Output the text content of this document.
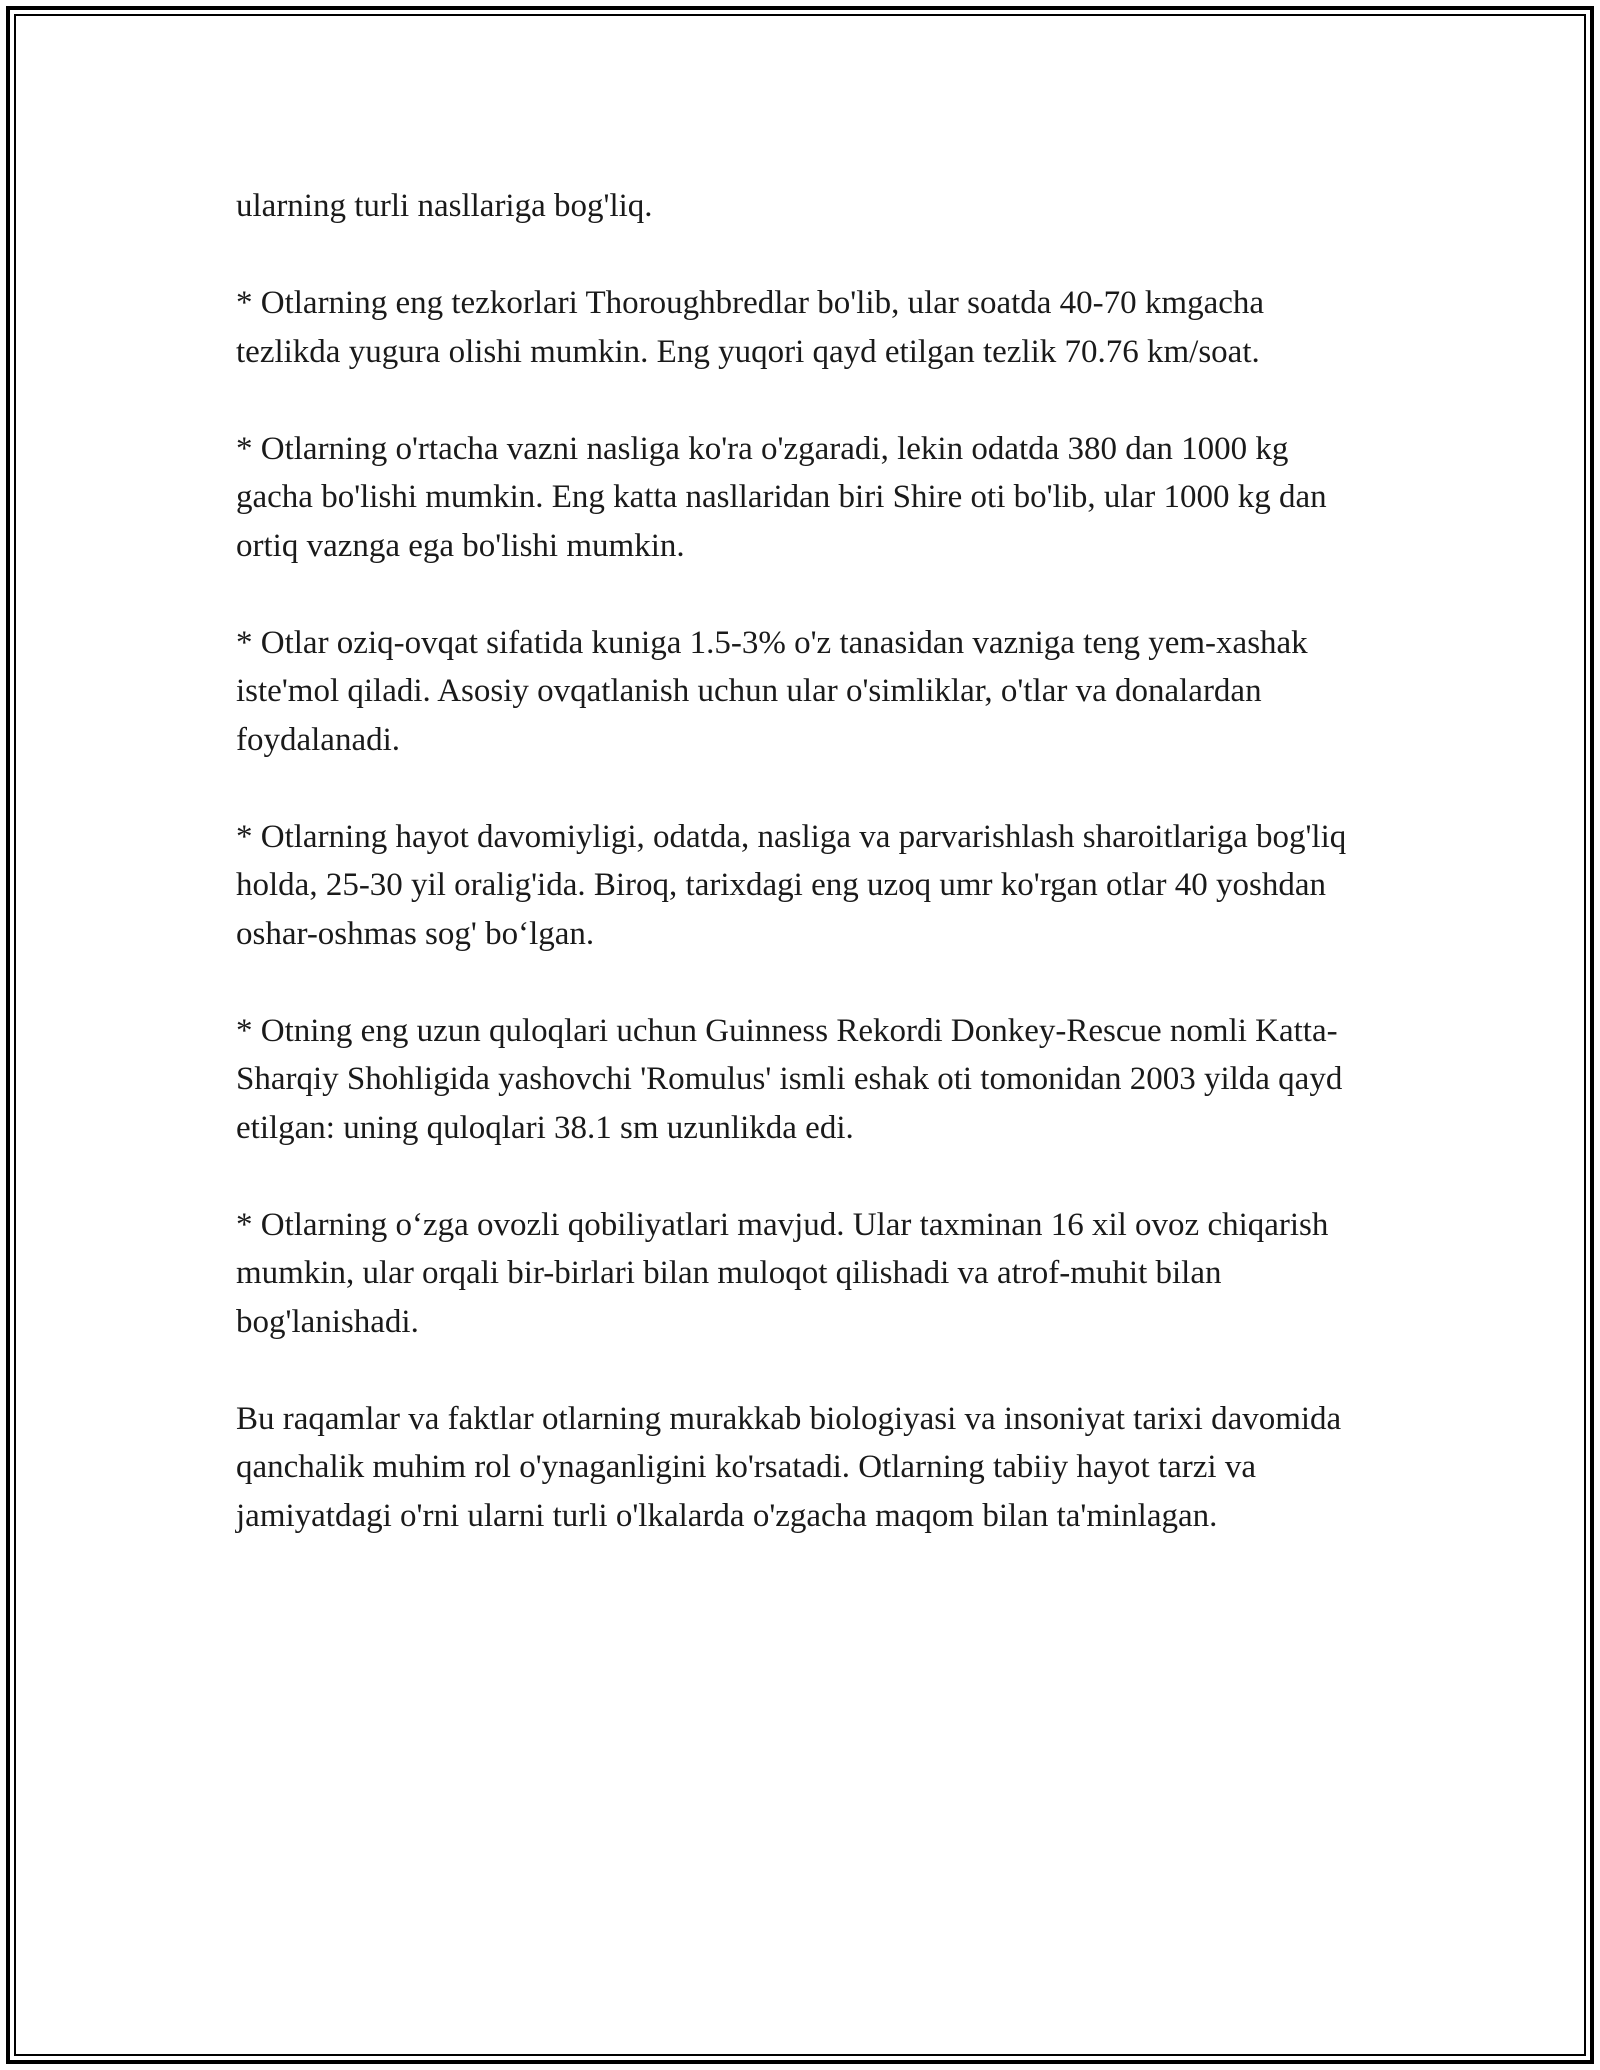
ularning turli nasllariga bog'liq.

* Otlarning eng tezkorlari Thoroughbredlar bo'lib, ular soatda 40-70 kmgacha tezlikda yugura olishi mumkin. Eng yuqori qayd etilgan tezlik 70.76 km/soat.

* Otlarning o'rtacha vazni nasliga ko'ra o'zgaradi, lekin odatda 380 dan 1000 kg gacha bo'lishi mumkin. Eng katta nasllaridan biri Shire oti bo'lib, ular 1000 kg dan ortiq vaznga ega bo'lishi mumkin.

* Otlar oziq-ovqat sifatida kuniga 1.5-3% o'z tanasidan vazniga teng yem-xashak iste'mol qiladi. Asosiy ovqatlanish uchun ular o'simliklar, o'tlar va donalardan foydalanadi.

* Otlarning hayot davomiyligi, odatda, nasliga va parvarishlash sharoitlariga bog'liq holda, 25-30 yil oralig'ida. Biroq, tarixdagi eng uzoq umr ko'rgan otlar 40 yoshdan oshar-oshmas sog' bo‘lgan.

* Otning eng uzun quloqlari uchun Guinness Rekordi Donkey-Rescue nomli Katta-Sharqiy Shohligida yashovchi 'Romulus' ismli eshak oti tomonidan 2003 yilda qayd etilgan: uning quloqlari 38.1 sm uzunlikda edi.

* Otlarning o‘zga ovozli qobiliyatlari mavjud. Ular taxminan 16 xil ovoz chiqarish mumkin, ular orqali bir-birlari bilan muloqot qilishadi va atrof-muhit bilan bog'lanishadi.

Bu raqamlar va faktlar otlarning murakkab biologiyasi va insoniyat tarixi davomida qanchalik muhim rol o'ynaganligini ko'rsatadi. Otlarning tabiiy hayot tarzi va jamiyatdagi o'rni ularni turli o'lkalarda o'zgacha maqom bilan ta'minlagan.
